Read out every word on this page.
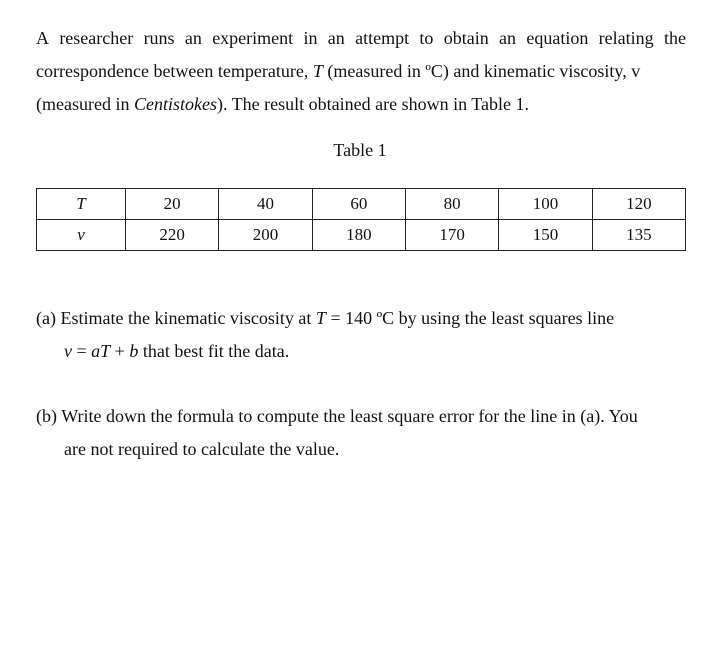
A researcher runs an experiment in an attempt to obtain an equation relating the
correspondence between temperature, T (measured in ºC) and kinematic viscosity, v
(measured in Centistokes). The result obtained are shown in Table 1.

Table 1

T	20	40	60	80	100	120
v	220	200	180	170	150	135

(a) Estimate the kinematic viscosity at T = 140 ºC by using the least squares line
v = aT + b that best fit the data.

(b) Write down the formula to compute the least square error for the line in (a). You
are not required to calculate the value.
